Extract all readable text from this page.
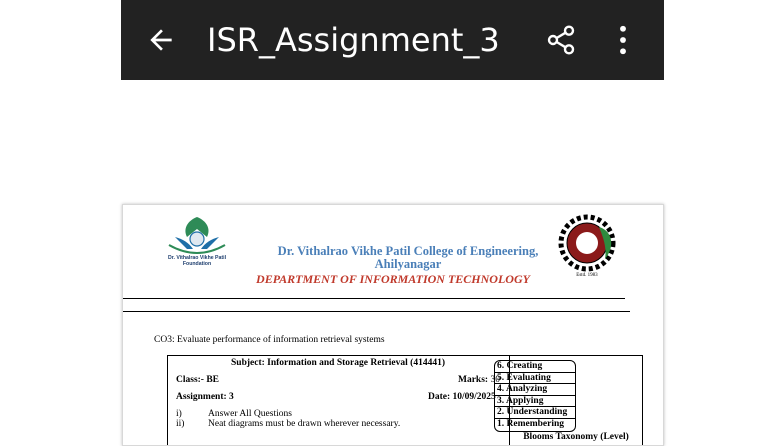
ISR_Assignment_3
Dr. Vithalrao Vikhe Patil
Foundation
Dr. Vithalrao Vikhe Patil College of Engineering,
Ahilyanagar
DEPARTMENT OF INFORMATION TECHNOLOGY	Estd. 1983
CO3: Evaluate performance of information retrieval systems
Subject: Information and Storage Retrieval (414441)
Class:- BE	Marks: 30
Assignment: 3	Date: 10/09/2025
i)	Answer All Questions
ii) Neat diagrams must be drawn wherever necessary.
6. Creating
5. Evaluating
4. Analyzing
3. Applying
2. Understanding
1. Remembering
Blooms Taxonomy (Level)
